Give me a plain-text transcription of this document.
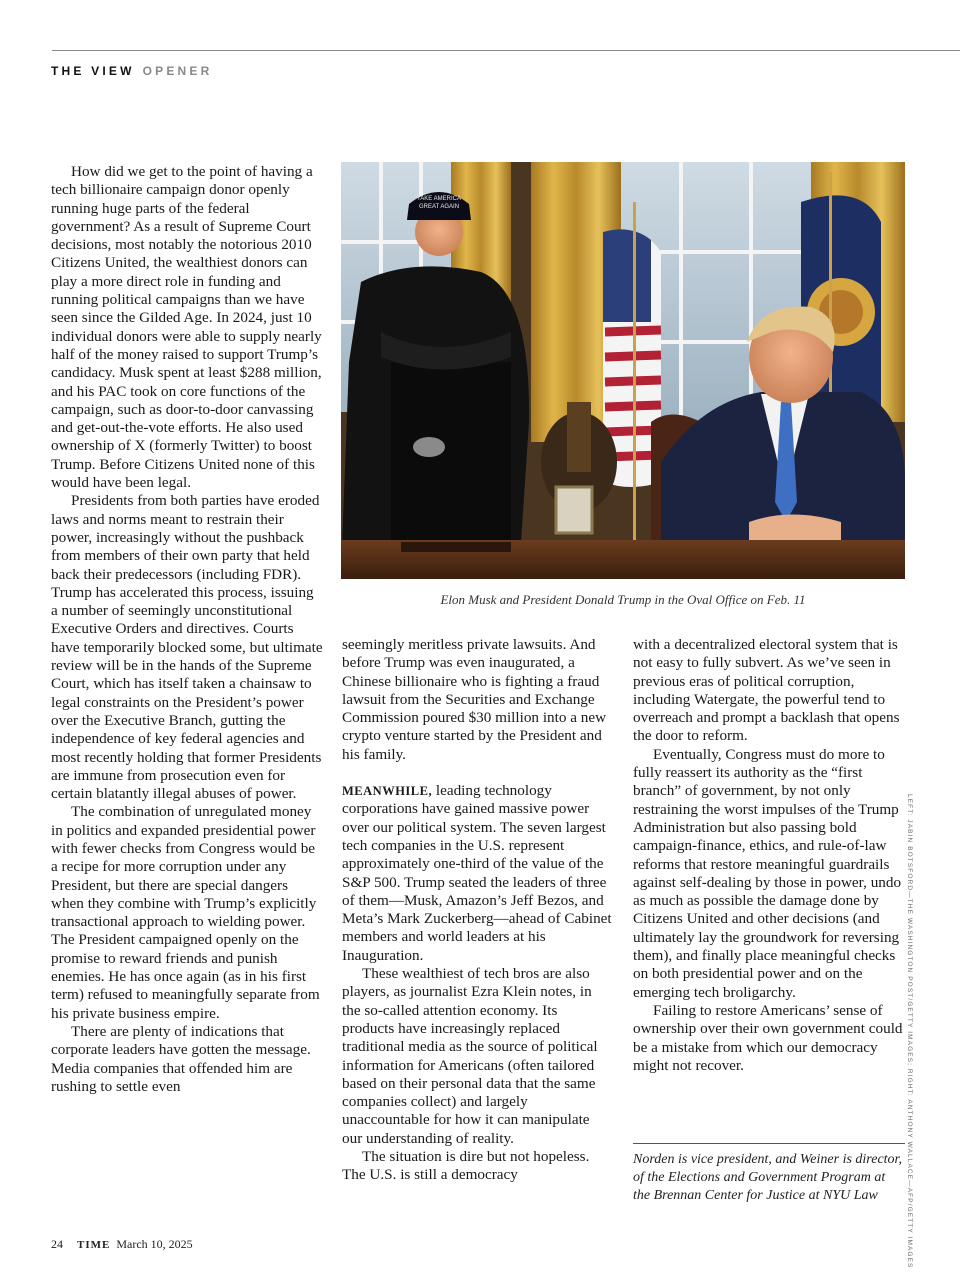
THE VIEW OPENER

How did we get to the point of having a tech billionaire campaign donor openly running huge parts of the federal government? As a result of Supreme Court decisions, most notably the notorious 2010 Citizens United, the wealthiest donors can play a more direct role in funding and running political campaigns than we have seen since the Gilded Age. In 2024, just 10 individual donors were able to supply nearly half of the money raised to support Trump’s candidacy. Musk spent at least $288 million, and his PAC took on core functions of the campaign, such as door-to-door canvassing and get-out-the-vote efforts. He also used ownership of X (formerly Twitter) to boost Trump. Before Citizens United none of this would have been legal.

Presidents from both parties have eroded laws and norms meant to restrain their power, increasingly without the pushback from members of their own party that held back their predecessors (including FDR). Trump has accelerated this process, issuing a number of seemingly unconstitutional Executive Orders and directives. Courts have temporarily blocked some, but ultimate review will be in the hands of the Supreme Court, which has itself taken a chainsaw to legal constraints on the President’s power over the Executive Branch, gutting the independence of key federal agencies and most recently holding that former Presidents are immune from prosecution even for certain blatantly illegal abuses of power.

The combination of unregulated money in politics and expanded presidential power with fewer checks from Congress would be a recipe for more corruption under any President, but there are special dangers when they combine with Trump’s explicitly transactional approach to wielding power. The President campaigned openly on the promise to reward friends and punish enemies. He has once again (as in his first term) refused to meaningfully separate from his private business empire.

There are plenty of indications that corporate leaders have gotten the message. Media companies that offended him are rushing to settle even

TAKE AMERICA
GREAT AGAIN
Elon Musk and President Donald Trump in the Oval Office on Feb. 11

seemingly meritless private lawsuits. And before Trump was even inaugurated, a Chinese billionaire who is fighting a fraud lawsuit from the Securities and Exchange Commission poured $30 million into a new crypto venture started by the President and his family.

MEANWHILE, leading technology corporations have gained massive power over our political system. The seven largest tech companies in the U.S. represent approximately one-third of the value of the S&P 500. Trump seated the leaders of three of them—Musk, Amazon’s Jeff Bezos, and Meta’s Mark Zuckerberg—ahead of Cabinet members and world leaders at his Inauguration.

These wealthiest of tech bros are also players, as journalist Ezra Klein notes, in the so-called attention economy. Its products have increasingly replaced traditional media as the source of political information for Americans (often tailored based on their personal data that the same companies collect) and largely unaccountable for how it can manipulate our understanding of reality.

The situation is dire but not hopeless. The U.S. is still a democracy

with a decentralized electoral system that is not easy to fully subvert. As we’ve seen in previous eras of political corruption, including Watergate, the powerful tend to overreach and prompt a backlash that opens the door to reform.

Eventually, Congress must do more to fully reassert its authority as the “first branch” of government, by not only restraining the worst impulses of the Trump Administration but also passing bold campaign-finance, ethics, and rule-of-law reforms that restore meaningful guardrails against self-dealing by those in power, undo as much as possible the damage done by Citizens United and other decisions (and ultimately lay the groundwork for reversing them), and finally place meaningful checks on both presidential power and on the emerging tech broligarchy.

Failing to restore Americans’ sense of ownership over their own government could be a mistake from which our democracy might not recover.

Norden is vice president, and Weiner is director, of the Elections and Government Program at the Brennan Center for Justice at NYU Law	LEFT: JABIN BOTSFORD—THE WASHINGTON POST/GETTY IMAGES; RIGHT: ANTHONY WALLACE—AFP/GETTY IMAGES
24 TIME March 10, 2025
